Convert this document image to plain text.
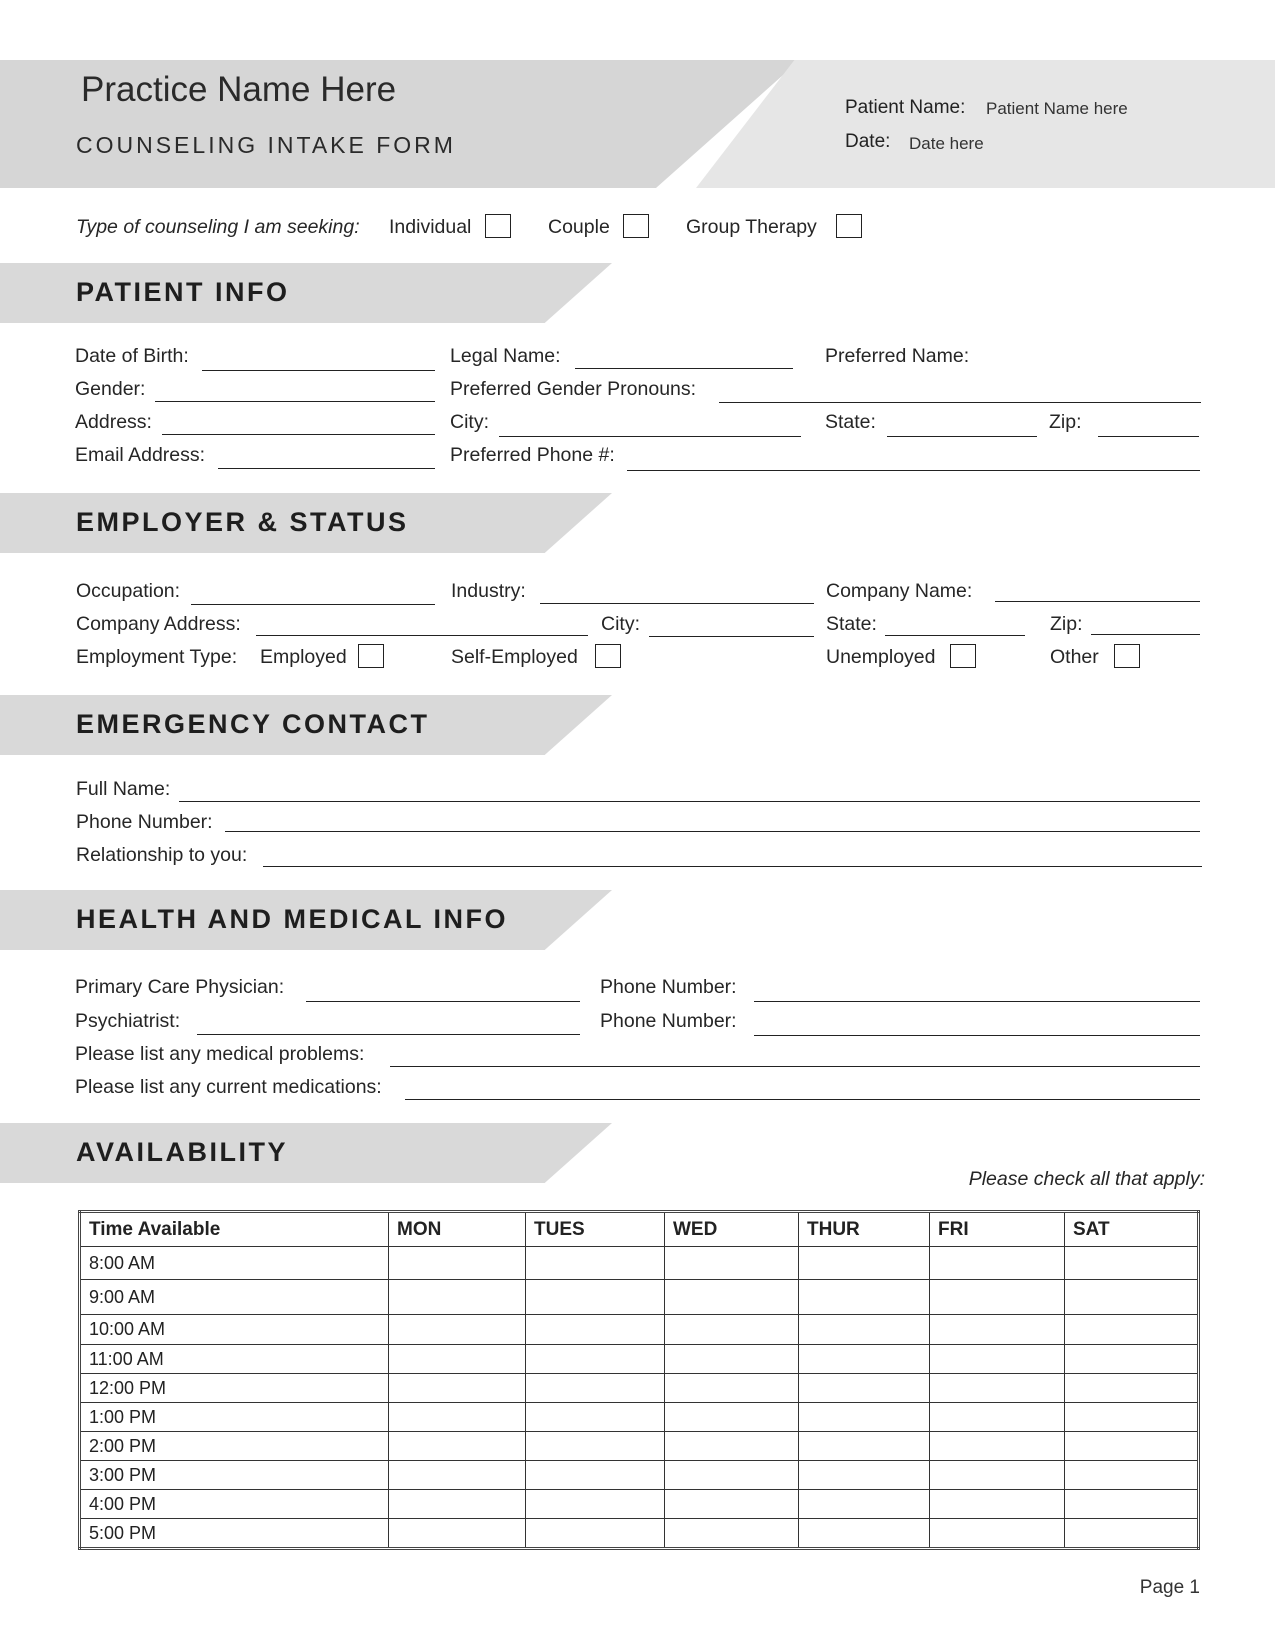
Practice Name Here
COUNSELING INTAKE FORM
Patient Name: Patient Name here
Date: Date here
Type of counseling I am seeking: Individual	Couple	Group Therapy
PATIENT INFO
Date of Birth:	Legal Name:	Preferred Name:
Gender:	Preferred Gender Pronouns:
Address:	City:	State:	Zip:
Email Address:	Preferred Phone #:
EMPLOYER & STATUS
Occupation:	Industry:	Company Name:
Company Address:	City:	State:	Zip:
Employment Type: Employed	Self-Employed	Unemployed	Other
EMERGENCY CONTACT
Full Name:
Phone Number:
Relationship to you:
HEALTH AND MEDICAL INFO
Primary Care Physician:	Phone Number:
Psychiatrist:	Phone Number:
Please list any medical problems:
Please list any current medications:
AVAILABILITY
Please check all that apply:
Time Available	MON	TUES	WED	THUR	FRI	SAT
8:00 AM						
9:00 AM						
10:00 AM						
11:00 AM						
12:00 PM						
1:00 PM						
2:00 PM						
3:00 PM						
4:00 PM						
5:00 PM						
Page 1
